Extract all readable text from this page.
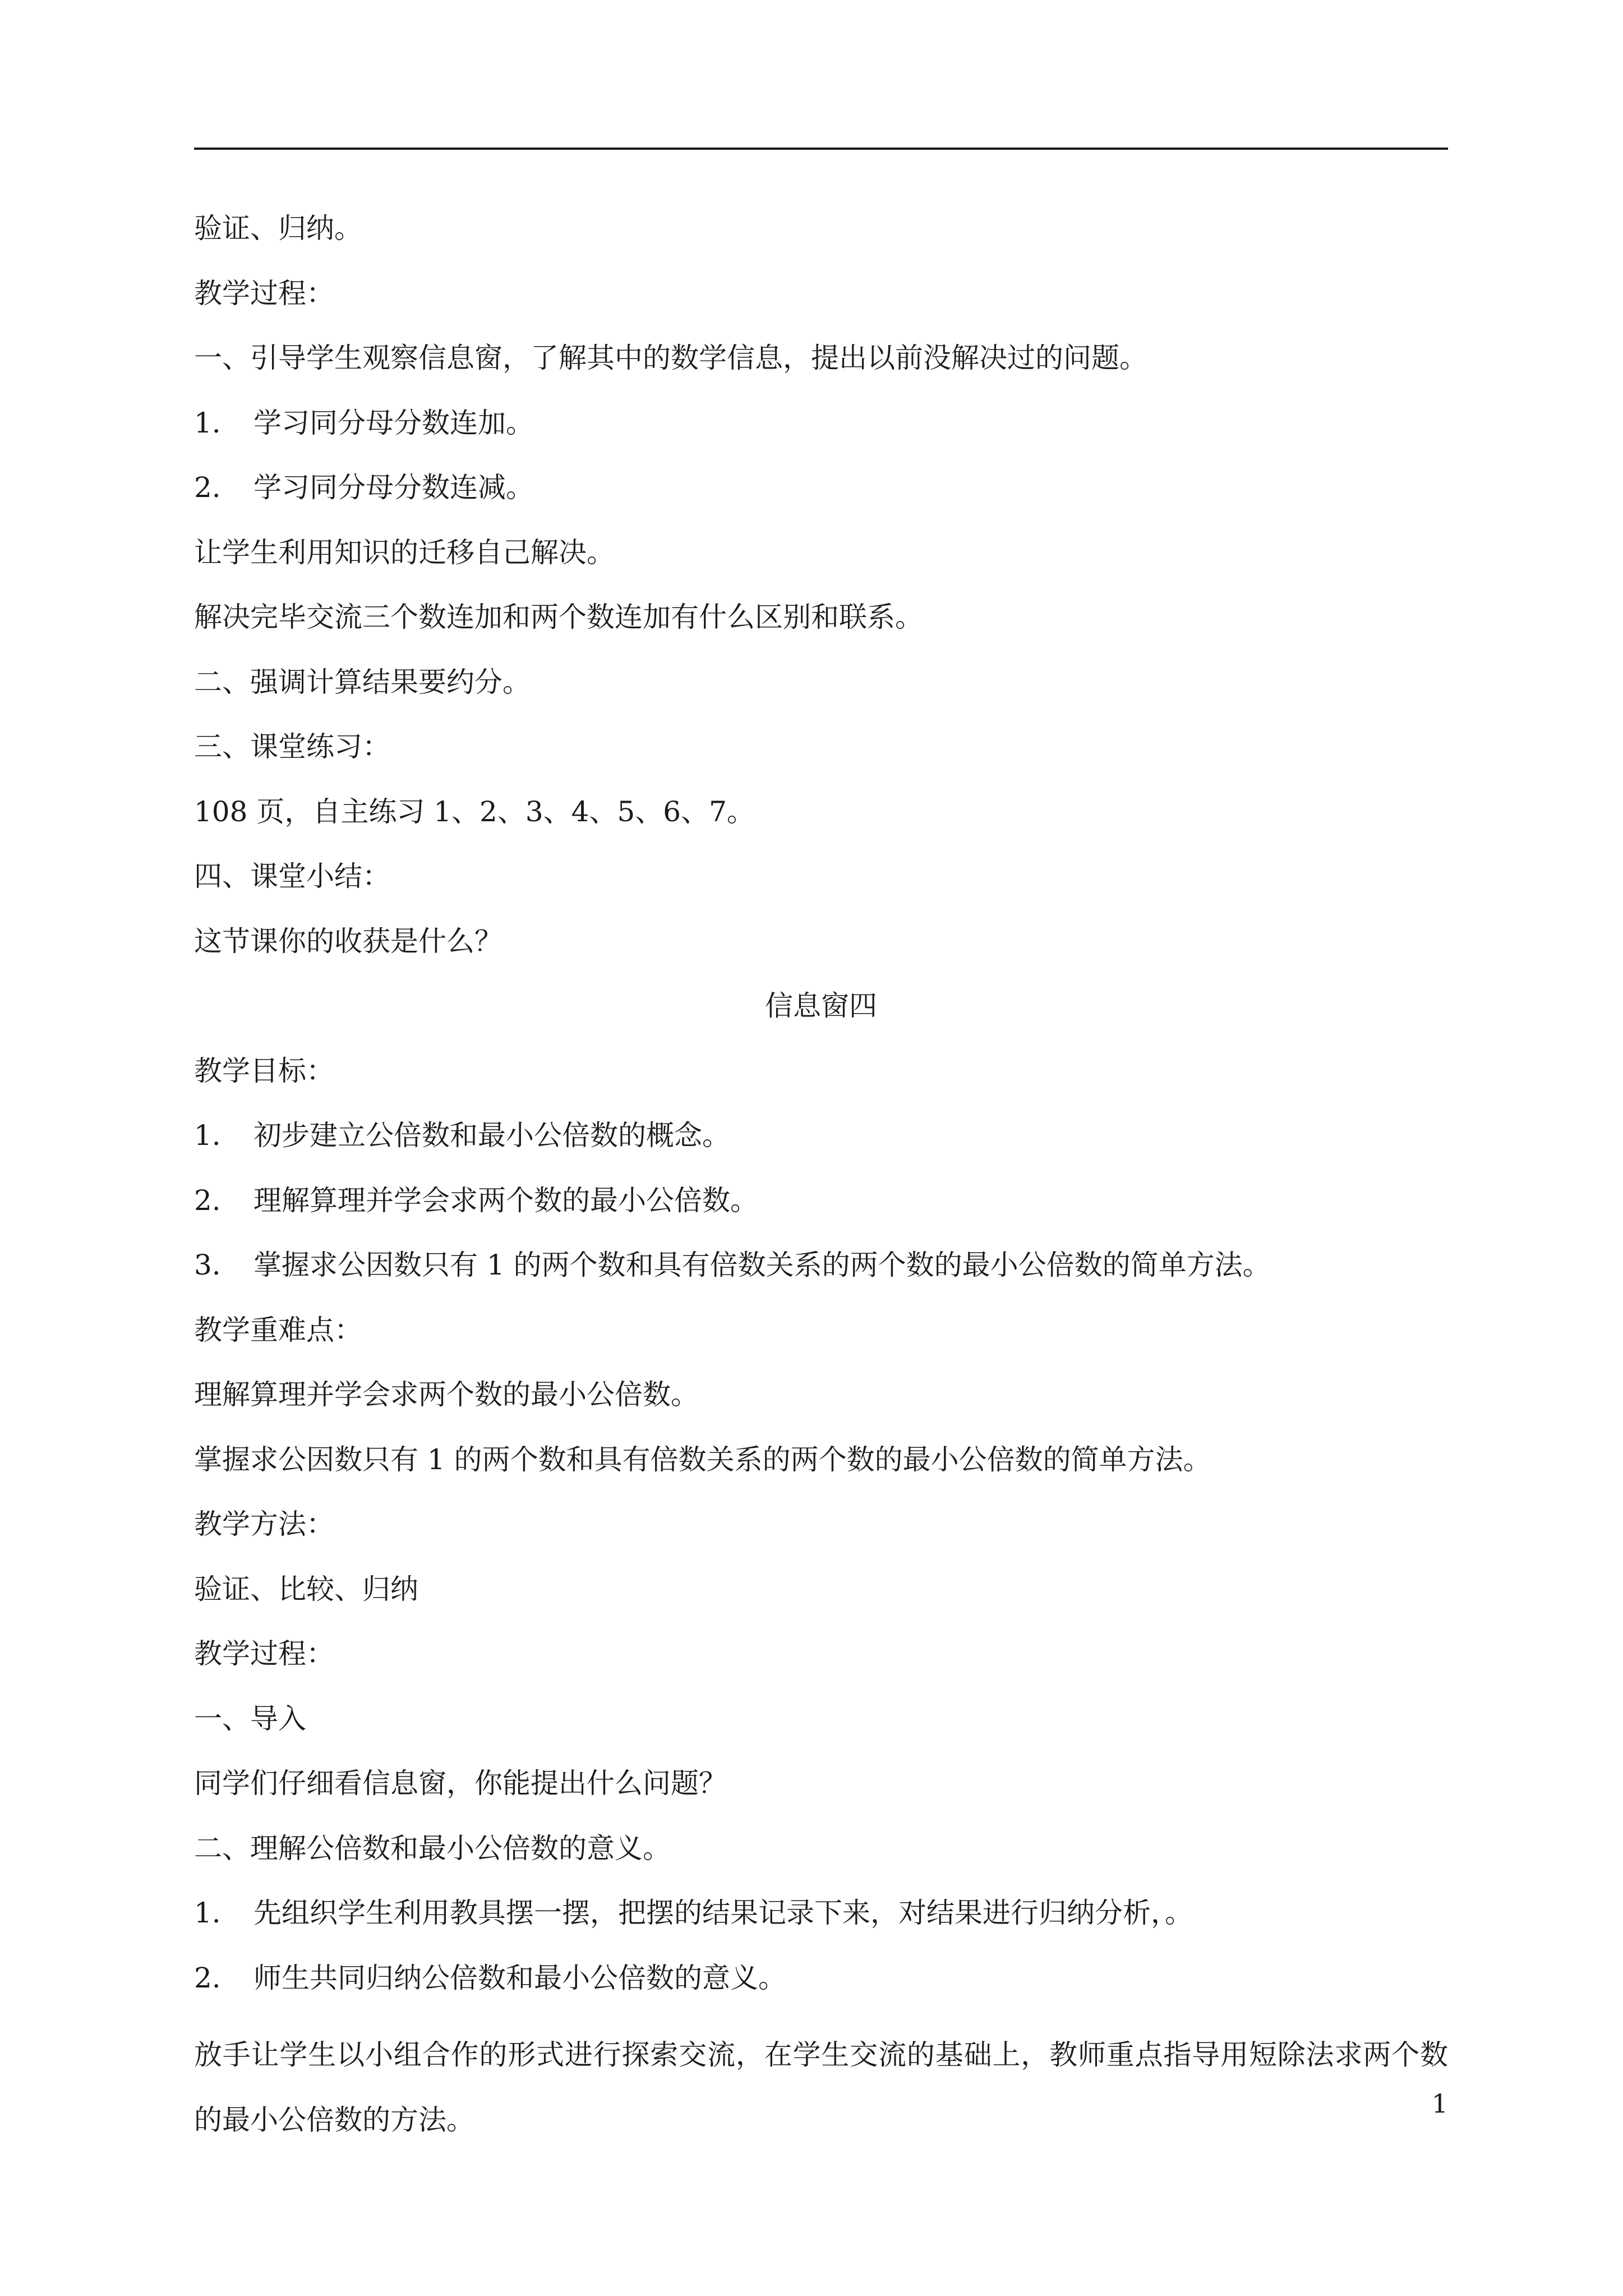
验证、归纳。
教学过程：
一、引导学生观察信息窗，了解其中的数学信息，提出以前没解决过的问题。
1. 学习同分母分数连加。
2. 学习同分母分数连减。
让学生利用知识的迁移自己解决。
解决完毕交流三个数连加和两个数连加有什么区别和联系。
二、强调计算结果要约分。
三、课堂练习：
108 页，自主练习 1、2、3、4、5、6、7。
四、课堂小结：
这节课你的收获是什么？
信息窗四
教学目标：
1. 初步建立公倍数和最小公倍数的概念。
2. 理解算理并学会求两个数的最小公倍数。
3. 掌握求公因数只有 1 的两个数和具有倍数关系的两个数的最小公倍数的简单方法。
教学重难点：
理解算理并学会求两个数的最小公倍数。
掌握求公因数只有 1 的两个数和具有倍数关系的两个数的最小公倍数的简单方法。
教学方法：
验证、比较、归纳
教学过程：
一、导入
同学们仔细看信息窗，你能提出什么问题？
二、理解公倍数和最小公倍数的意义。
1. 先组织学生利用教具摆一摆，把摆的结果记录下来，对结果进行归纳分析，。
2. 师生共同归纳公倍数和最小公倍数的意义。
放手让学生以小组合作的形式进行探索交流，在学生交流的基础上，教师重点指导用短除法求两个数的最小公倍数的方法。	1
